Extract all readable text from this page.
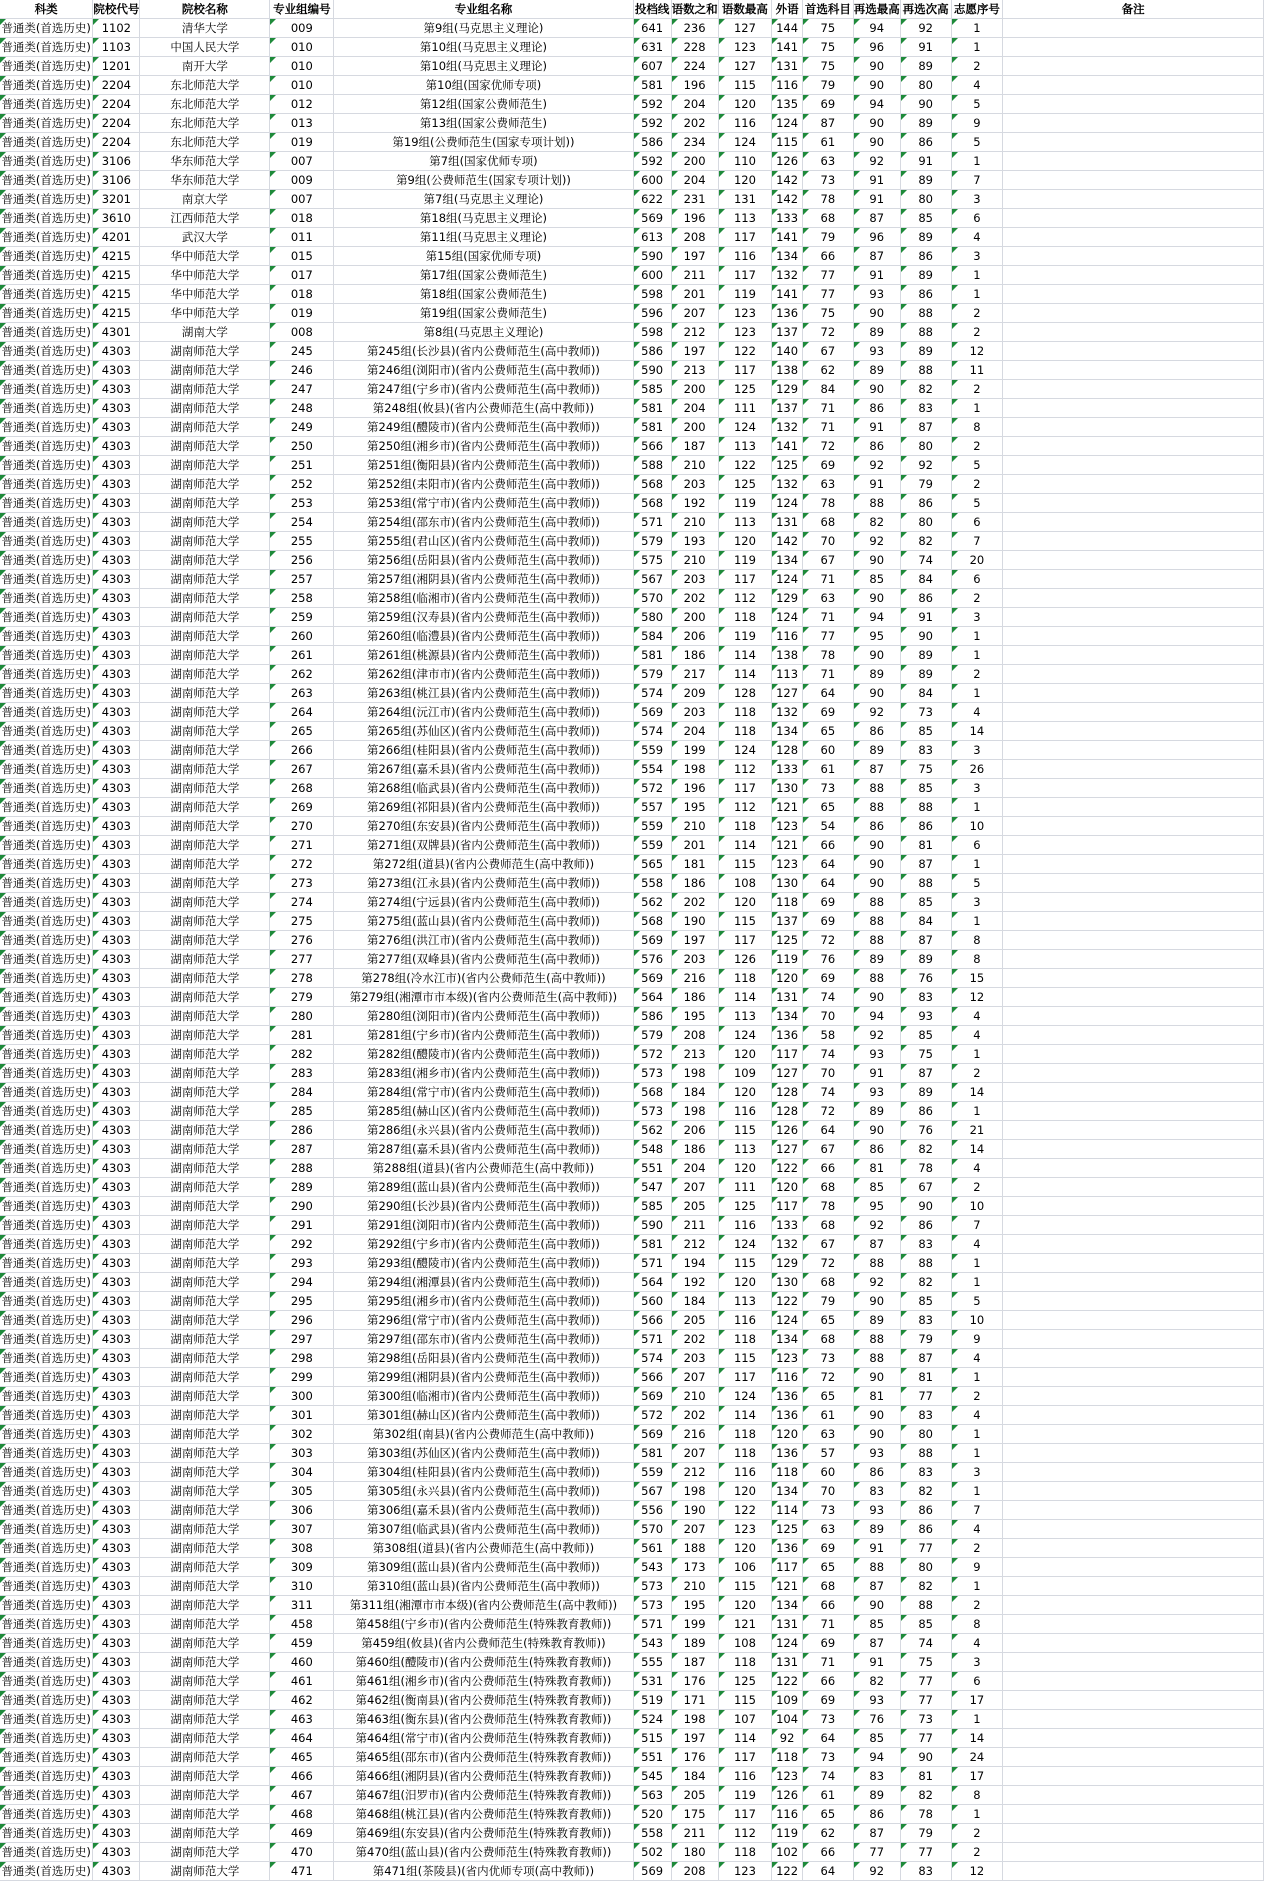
科类	院校代号	院校名称	专业组编号	专业组名称	投档线	语数之和	语数最高	外语	首选科目	再选最高	再选次高	志愿序号	备注
普通类(首选历史)	1102	清华大学	009	第9组(马克思主义理论)	641	236	127	144	75	94	92	1	
普通类(首选历史)	1103	中国人民大学	010	第10组(马克思主义理论)	631	228	123	141	75	96	91	1	
普通类(首选历史)	1201	南开大学	010	第10组(马克思主义理论)	607	224	127	131	75	90	89	2	
普通类(首选历史)	2204	东北师范大学	010	第10组(国家优师专项)	581	196	115	116	79	90	80	4	
普通类(首选历史)	2204	东北师范大学	012	第12组(国家公费师范生)	592	204	120	135	69	94	90	5	
普通类(首选历史)	2204	东北师范大学	013	第13组(国家公费师范生)	592	202	116	124	87	90	89	9	
普通类(首选历史)	2204	东北师范大学	019	第19组(公费师范生(国家专项计划))	586	234	124	115	61	90	86	5	
普通类(首选历史)	3106	华东师范大学	007	第7组(国家优师专项)	592	200	110	126	63	92	91	1	
普通类(首选历史)	3106	华东师范大学	009	第9组(公费师范生(国家专项计划))	600	204	120	142	73	91	89	7	
普通类(首选历史)	3201	南京大学	007	第7组(马克思主义理论)	622	231	131	142	78	91	80	3	
普通类(首选历史)	3610	江西师范大学	018	第18组(马克思主义理论)	569	196	113	133	68	87	85	6	
普通类(首选历史)	4201	武汉大学	011	第11组(马克思主义理论)	613	208	117	141	79	96	89	4	
普通类(首选历史)	4215	华中师范大学	015	第15组(国家优师专项)	590	197	116	134	66	87	86	3	
普通类(首选历史)	4215	华中师范大学	017	第17组(国家公费师范生)	600	211	117	132	77	91	89	1	
普通类(首选历史)	4215	华中师范大学	018	第18组(国家公费师范生)	598	201	119	141	77	93	86	1	
普通类(首选历史)	4215	华中师范大学	019	第19组(国家公费师范生)	596	207	123	136	75	90	88	2	
普通类(首选历史)	4301	湖南大学	008	第8组(马克思主义理论)	598	212	123	137	72	89	88	2	
普通类(首选历史)	4303	湖南师范大学	245	第245组(长沙县)(省内公费师范生(高中教师))	586	197	122	140	67	93	89	12	
普通类(首选历史)	4303	湖南师范大学	246	第246组(浏阳市)(省内公费师范生(高中教师))	590	213	117	138	62	89	88	11	
普通类(首选历史)	4303	湖南师范大学	247	第247组(宁乡市)(省内公费师范生(高中教师))	585	200	125	129	84	90	82	2	
普通类(首选历史)	4303	湖南师范大学	248	第248组(攸县)(省内公费师范生(高中教师))	581	204	111	137	71	86	83	1	
普通类(首选历史)	4303	湖南师范大学	249	第249组(醴陵市)(省内公费师范生(高中教师))	581	200	124	132	71	91	87	8	
普通类(首选历史)	4303	湖南师范大学	250	第250组(湘乡市)(省内公费师范生(高中教师))	566	187	113	141	72	86	80	2	
普通类(首选历史)	4303	湖南师范大学	251	第251组(衡阳县)(省内公费师范生(高中教师))	588	210	122	125	69	92	92	5	
普通类(首选历史)	4303	湖南师范大学	252	第252组(耒阳市)(省内公费师范生(高中教师))	568	203	125	132	63	91	79	2	
普通类(首选历史)	4303	湖南师范大学	253	第253组(常宁市)(省内公费师范生(高中教师))	568	192	119	124	78	88	86	5	
普通类(首选历史)	4303	湖南师范大学	254	第254组(邵东市)(省内公费师范生(高中教师))	571	210	113	131	68	82	80	6	
普通类(首选历史)	4303	湖南师范大学	255	第255组(君山区)(省内公费师范生(高中教师))	579	193	120	142	70	92	82	7	
普通类(首选历史)	4303	湖南师范大学	256	第256组(岳阳县)(省内公费师范生(高中教师))	575	210	119	134	67	90	74	20	
普通类(首选历史)	4303	湖南师范大学	257	第257组(湘阴县)(省内公费师范生(高中教师))	567	203	117	124	71	85	84	6	
普通类(首选历史)	4303	湖南师范大学	258	第258组(临湘市)(省内公费师范生(高中教师))	570	202	112	129	63	90	86	2	
普通类(首选历史)	4303	湖南师范大学	259	第259组(汉寿县)(省内公费师范生(高中教师))	580	200	118	124	71	94	91	3	
普通类(首选历史)	4303	湖南师范大学	260	第260组(临澧县)(省内公费师范生(高中教师))	584	206	119	116	77	95	90	1	
普通类(首选历史)	4303	湖南师范大学	261	第261组(桃源县)(省内公费师范生(高中教师))	581	186	114	138	78	90	89	1	
普通类(首选历史)	4303	湖南师范大学	262	第262组(津市市)(省内公费师范生(高中教师))	579	217	114	113	71	89	89	2	
普通类(首选历史)	4303	湖南师范大学	263	第263组(桃江县)(省内公费师范生(高中教师))	574	209	128	127	64	90	84	1	
普通类(首选历史)	4303	湖南师范大学	264	第264组(沅江市)(省内公费师范生(高中教师))	569	203	118	132	69	92	73	4	
普通类(首选历史)	4303	湖南师范大学	265	第265组(苏仙区)(省内公费师范生(高中教师))	574	204	118	134	65	86	85	14	
普通类(首选历史)	4303	湖南师范大学	266	第266组(桂阳县)(省内公费师范生(高中教师))	559	199	124	128	60	89	83	3	
普通类(首选历史)	4303	湖南师范大学	267	第267组(嘉禾县)(省内公费师范生(高中教师))	554	198	112	133	61	87	75	26	
普通类(首选历史)	4303	湖南师范大学	268	第268组(临武县)(省内公费师范生(高中教师))	572	196	117	130	73	88	85	3	
普通类(首选历史)	4303	湖南师范大学	269	第269组(祁阳县)(省内公费师范生(高中教师))	557	195	112	121	65	88	88	1	
普通类(首选历史)	4303	湖南师范大学	270	第270组(东安县)(省内公费师范生(高中教师))	559	210	118	123	54	86	86	10	
普通类(首选历史)	4303	湖南师范大学	271	第271组(双牌县)(省内公费师范生(高中教师))	559	201	114	121	66	90	81	6	
普通类(首选历史)	4303	湖南师范大学	272	第272组(道县)(省内公费师范生(高中教师))	565	181	115	123	64	90	87	1	
普通类(首选历史)	4303	湖南师范大学	273	第273组(江永县)(省内公费师范生(高中教师))	558	186	108	130	64	90	88	5	
普通类(首选历史)	4303	湖南师范大学	274	第274组(宁远县)(省内公费师范生(高中教师))	562	202	120	118	69	88	85	3	
普通类(首选历史)	4303	湖南师范大学	275	第275组(蓝山县)(省内公费师范生(高中教师))	568	190	115	137	69	88	84	1	
普通类(首选历史)	4303	湖南师范大学	276	第276组(洪江市)(省内公费师范生(高中教师))	569	197	117	125	72	88	87	8	
普通类(首选历史)	4303	湖南师范大学	277	第277组(双峰县)(省内公费师范生(高中教师))	576	203	126	119	76	89	89	8	
普通类(首选历史)	4303	湖南师范大学	278	第278组(冷水江市)(省内公费师范生(高中教师))	569	216	118	120	69	88	76	15	
普通类(首选历史)	4303	湖南师范大学	279	第279组(湘潭市市本级)(省内公费师范生(高中教师))	564	186	114	131	74	90	83	12	
普通类(首选历史)	4303	湖南师范大学	280	第280组(浏阳市)(省内公费师范生(高中教师))	586	195	113	134	70	94	93	4	
普通类(首选历史)	4303	湖南师范大学	281	第281组(宁乡市)(省内公费师范生(高中教师))	579	208	124	136	58	92	85	4	
普通类(首选历史)	4303	湖南师范大学	282	第282组(醴陵市)(省内公费师范生(高中教师))	572	213	120	117	74	93	75	1	
普通类(首选历史)	4303	湖南师范大学	283	第283组(湘乡市)(省内公费师范生(高中教师))	573	198	109	127	70	91	87	2	
普通类(首选历史)	4303	湖南师范大学	284	第284组(常宁市)(省内公费师范生(高中教师))	568	184	120	128	74	93	89	14	
普通类(首选历史)	4303	湖南师范大学	285	第285组(赫山区)(省内公费师范生(高中教师))	573	198	116	128	72	89	86	1	
普通类(首选历史)	4303	湖南师范大学	286	第286组(永兴县)(省内公费师范生(高中教师))	562	206	115	126	64	90	76	21	
普通类(首选历史)	4303	湖南师范大学	287	第287组(嘉禾县)(省内公费师范生(高中教师))	548	186	113	127	67	86	82	14	
普通类(首选历史)	4303	湖南师范大学	288	第288组(道县)(省内公费师范生(高中教师))	551	204	120	122	66	81	78	4	
普通类(首选历史)	4303	湖南师范大学	289	第289组(蓝山县)(省内公费师范生(高中教师))	547	207	111	120	68	85	67	2	
普通类(首选历史)	4303	湖南师范大学	290	第290组(长沙县)(省内公费师范生(高中教师))	585	205	125	117	78	95	90	10	
普通类(首选历史)	4303	湖南师范大学	291	第291组(浏阳市)(省内公费师范生(高中教师))	590	211	116	133	68	92	86	7	
普通类(首选历史)	4303	湖南师范大学	292	第292组(宁乡市)(省内公费师范生(高中教师))	581	212	124	132	67	87	83	4	
普通类(首选历史)	4303	湖南师范大学	293	第293组(醴陵市)(省内公费师范生(高中教师))	571	194	115	129	72	88	88	1	
普通类(首选历史)	4303	湖南师范大学	294	第294组(湘潭县)(省内公费师范生(高中教师))	564	192	120	130	68	92	82	1	
普通类(首选历史)	4303	湖南师范大学	295	第295组(湘乡市)(省内公费师范生(高中教师))	560	184	113	122	79	90	85	5	
普通类(首选历史)	4303	湖南师范大学	296	第296组(常宁市)(省内公费师范生(高中教师))	566	205	116	124	65	89	83	10	
普通类(首选历史)	4303	湖南师范大学	297	第297组(邵东市)(省内公费师范生(高中教师))	571	202	118	134	68	88	79	9	
普通类(首选历史)	4303	湖南师范大学	298	第298组(岳阳县)(省内公费师范生(高中教师))	574	203	115	123	73	88	87	4	
普通类(首选历史)	4303	湖南师范大学	299	第299组(湘阴县)(省内公费师范生(高中教师))	566	207	117	116	72	90	81	1	
普通类(首选历史)	4303	湖南师范大学	300	第300组(临湘市)(省内公费师范生(高中教师))	569	210	124	136	65	81	77	2	
普通类(首选历史)	4303	湖南师范大学	301	第301组(赫山区)(省内公费师范生(高中教师))	572	202	114	136	61	90	83	4	
普通类(首选历史)	4303	湖南师范大学	302	第302组(南县)(省内公费师范生(高中教师))	569	216	118	120	63	90	80	1	
普通类(首选历史)	4303	湖南师范大学	303	第303组(苏仙区)(省内公费师范生(高中教师))	581	207	118	136	57	93	88	1	
普通类(首选历史)	4303	湖南师范大学	304	第304组(桂阳县)(省内公费师范生(高中教师))	559	212	116	118	60	86	83	3	
普通类(首选历史)	4303	湖南师范大学	305	第305组(永兴县)(省内公费师范生(高中教师))	567	198	120	134	70	83	82	1	
普通类(首选历史)	4303	湖南师范大学	306	第306组(嘉禾县)(省内公费师范生(高中教师))	556	190	122	114	73	93	86	7	
普通类(首选历史)	4303	湖南师范大学	307	第307组(临武县)(省内公费师范生(高中教师))	570	207	123	125	63	89	86	4	
普通类(首选历史)	4303	湖南师范大学	308	第308组(道县)(省内公费师范生(高中教师))	561	188	120	136	69	91	77	2	
普通类(首选历史)	4303	湖南师范大学	309	第309组(蓝山县)(省内公费师范生(高中教师))	543	173	106	117	65	88	80	9	
普通类(首选历史)	4303	湖南师范大学	310	第310组(蓝山县)(省内公费师范生(高中教师))	573	210	115	121	68	87	82	1	
普通类(首选历史)	4303	湖南师范大学	311	第311组(湘潭市市本级)(省内公费师范生(高中教师))	573	195	120	134	66	90	88	2	
普通类(首选历史)	4303	湖南师范大学	458	第458组(宁乡市)(省内公费师范生(特殊教育教师))	571	199	121	131	71	85	85	8	
普通类(首选历史)	4303	湖南师范大学	459	第459组(攸县)(省内公费师范生(特殊教育教师))	543	189	108	124	69	87	74	4	
普通类(首选历史)	4303	湖南师范大学	460	第460组(醴陵市)(省内公费师范生(特殊教育教师))	555	187	118	131	71	91	75	3	
普通类(首选历史)	4303	湖南师范大学	461	第461组(湘乡市)(省内公费师范生(特殊教育教师))	531	176	125	122	66	82	77	6	
普通类(首选历史)	4303	湖南师范大学	462	第462组(衡南县)(省内公费师范生(特殊教育教师))	519	171	115	109	69	93	77	17	
普通类(首选历史)	4303	湖南师范大学	463	第463组(衡东县)(省内公费师范生(特殊教育教师))	524	198	107	104	73	76	73	1	
普通类(首选历史)	4303	湖南师范大学	464	第464组(常宁市)(省内公费师范生(特殊教育教师))	515	197	114	92	64	85	77	14	
普通类(首选历史)	4303	湖南师范大学	465	第465组(邵东市)(省内公费师范生(特殊教育教师))	551	176	117	118	73	94	90	24	
普通类(首选历史)	4303	湖南师范大学	466	第466组(湘阴县)(省内公费师范生(特殊教育教师))	545	184	116	123	74	83	81	17	
普通类(首选历史)	4303	湖南师范大学	467	第467组(汨罗市)(省内公费师范生(特殊教育教师))	563	205	119	126	61	89	82	8	
普通类(首选历史)	4303	湖南师范大学	468	第468组(桃江县)(省内公费师范生(特殊教育教师))	520	175	117	116	65	86	78	1	
普通类(首选历史)	4303	湖南师范大学	469	第469组(东安县)(省内公费师范生(特殊教育教师))	558	211	112	119	62	87	79	2	
普通类(首选历史)	4303	湖南师范大学	470	第470组(蓝山县)(省内公费师范生(特殊教育教师))	502	180	118	102	66	77	77	2	
普通类(首选历史)	4303	湖南师范大学	471	第471组(茶陵县)(省内优师专项(高中教师))	569	208	123	122	64	92	83	12	
